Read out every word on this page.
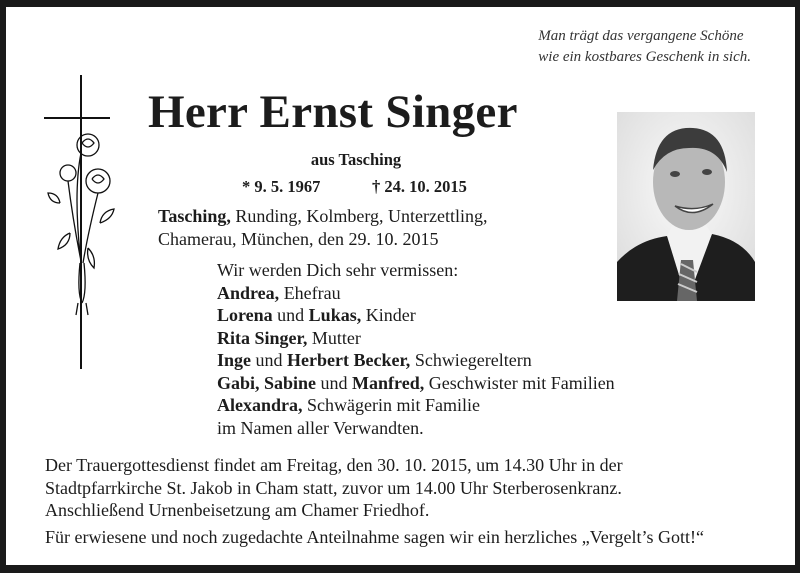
Man trägt das vergangene Schöne
wie ein kostbares Geschenk in sich.
Herr Ernst Singer
aus Tasching
* 9. 5. 1967	† 24. 10. 2015
Tasching, Runding, Kolmberg, Unterzettling,
Chamerau, München, den 29. 10. 2015
Wir werden Dich sehr vermissen:
Andrea, Ehefrau
Lorena und Lukas, Kinder
Rita Singer, Mutter
Inge und Herbert Becker, Schwiegereltern
Gabi, Sabine und Manfred, Geschwister mit Familien
Alexandra, Schwägerin mit Familie
im Namen aller Verwandten.
Der Trauergottesdienst findet am Freitag, den 30. 10. 2015, um 14.30 Uhr in der
Stadtpfarrkirche St. Jakob in Cham statt, zuvor um 14.00 Uhr Sterberosenkranz.
Anschließend Urnenbeisetzung am Chamer Friedhof.
Für erwiesene und noch zugedachte Anteilnahme sagen wir ein herzliches „Vergelt’s Gott!“
